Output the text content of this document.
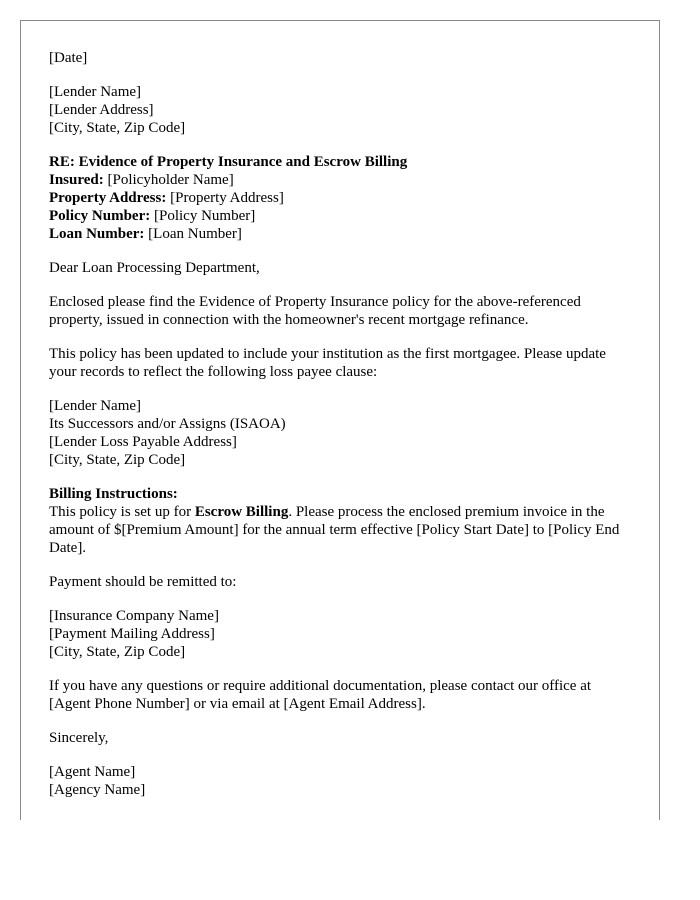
[Date]
[Lender Name]
[Lender Address]
[City, State, Zip Code]
RE: Evidence of Property Insurance and Escrow Billing
Insured: [Policyholder Name]
Property Address: [Property Address]
Policy Number: [Policy Number]
Loan Number: [Loan Number]

Dear Loan Processing Department,

Enclosed please find the Evidence of Property Insurance policy for the above-referenced property, issued in connection with the homeowner's recent mortgage refinance.

This policy has been updated to include your institution as the first mortgagee. Please update your records to reflect the following loss payee clause:

[Lender Name]
Its Successors and/or Assigns (ISAOA)
[Lender Loss Payable Address]
[City, State, Zip Code]
Billing Instructions:
This policy is set up for Escrow Billing. Please process the enclosed premium invoice in the amount of $[Premium Amount] for the annual term effective [Policy Start Date] to [Policy End Date].

Payment should be remitted to:

[Insurance Company Name]
[Payment Mailing Address]
[City, State, Zip Code]

If you have any questions or require additional documentation, please contact our office at [Agent Phone Number] or via email at [Agent Email Address].

Sincerely,

[Agent Name]
[Agency Name]
